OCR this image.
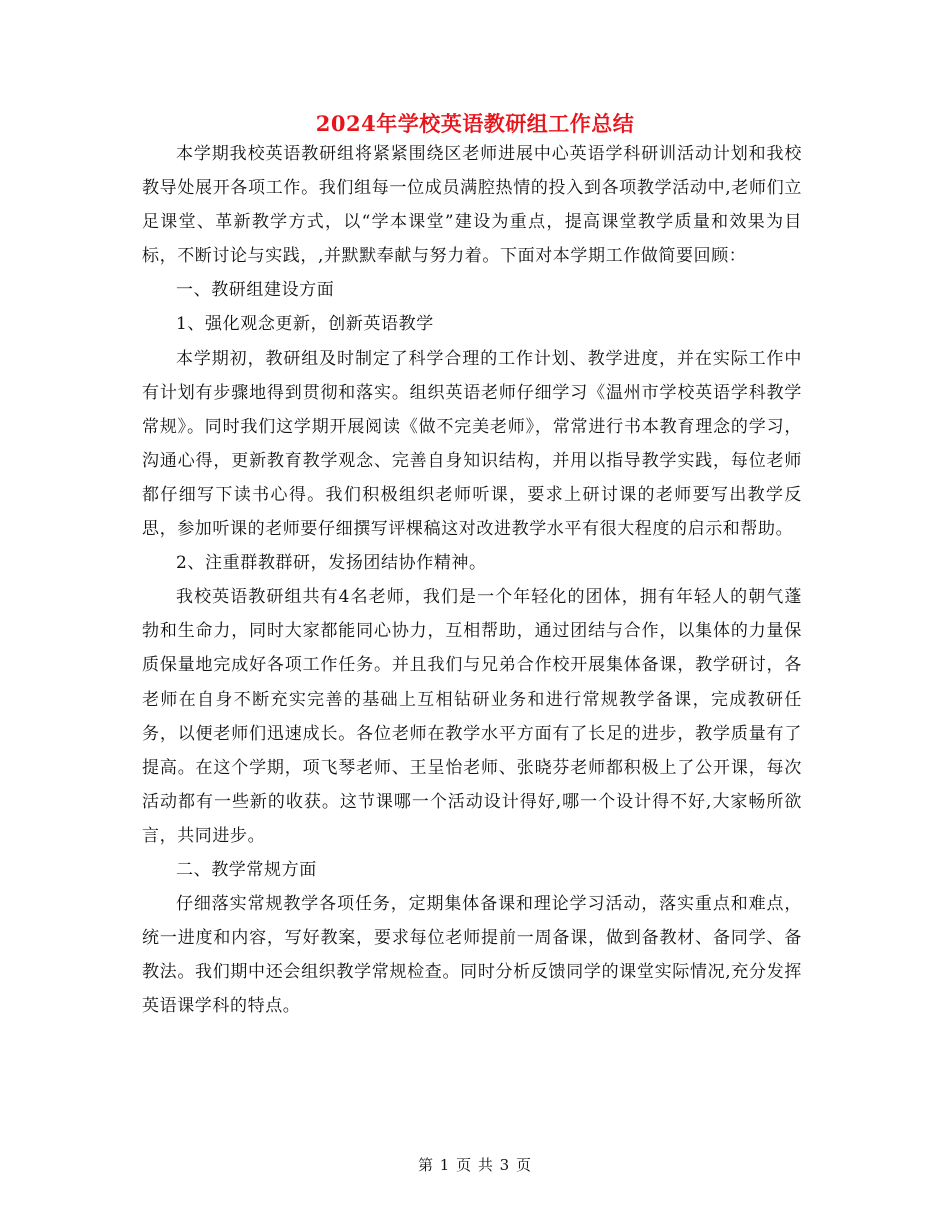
2024年学校英语教研组工作总结

本学期我校英语教研组将紧紧围绕区老师进展中心英语学科研训活动计划和我校教导处展开各项工作。我们组每一位成员满腔热情的投入到各项教学活动中,老师们立足课堂、革新教学方式，以“学本课堂”建设为重点，提高课堂教学质量和效果为目标，不断讨论与实践，,并默默奉献与努力着。下面对本学期工作做简要回顾：

一、教研组建设方面

1、强化观念更新，创新英语教学

本学期初，教研组及时制定了科学合理的工作计划、教学进度，并在实际工作中有计划有步骤地得到贯彻和落实。组织英语老师仔细学习《温州市学校英语学科教学常规》。同时我们这学期开展阅读《做不完美老师》，常常进行书本教育理念的学习，沟通心得，更新教育教学观念、完善自身知识结构，并用以指导教学实践，每位老师都仔细写下读书心得。我们积极组织老师听课，要求上研讨课的老师要写出教学反思，参加听课的老师要仔细撰写评棵稿这对改进教学水平有很大程度的启示和帮助。

2、注重群教群研，发扬团结协作精神。

我校英语教研组共有4名老师，我们是一个年轻化的团体，拥有年轻人的朝气蓬勃和生命力，同时大家都能同心协力，互相帮助，通过团结与合作，以集体的力量保质保量地完成好各项工作任务。并且我们与兄弟合作校开展集体备课，教学研讨，各老师在自身不断充实完善的基础上互相钻研业务和进行常规教学备课，完成教研任务，以便老师们迅速成长。各位老师在教学水平方面有了长足的进步，教学质量有了提高。在这个学期，项飞琴老师、王呈怡老师、张晓芬老师都积极上了公开课，每次活动都有一些新的收获。这节课哪一个活动设计得好,哪一个设计得不好,大家畅所欲言，共同进步。

二、教学常规方面

仔细落实常规教学各项任务，定期集体备课和理论学习活动，落实重点和难点，统一进度和内容，写好教案，要求每位老师提前一周备课，做到备教材、备同学、备教法。我们期中还会组织教学常规检查。同时分析反馈同学的课堂实际情况,充分发挥英语课学科的特点。

第 1 页 共 3 页
